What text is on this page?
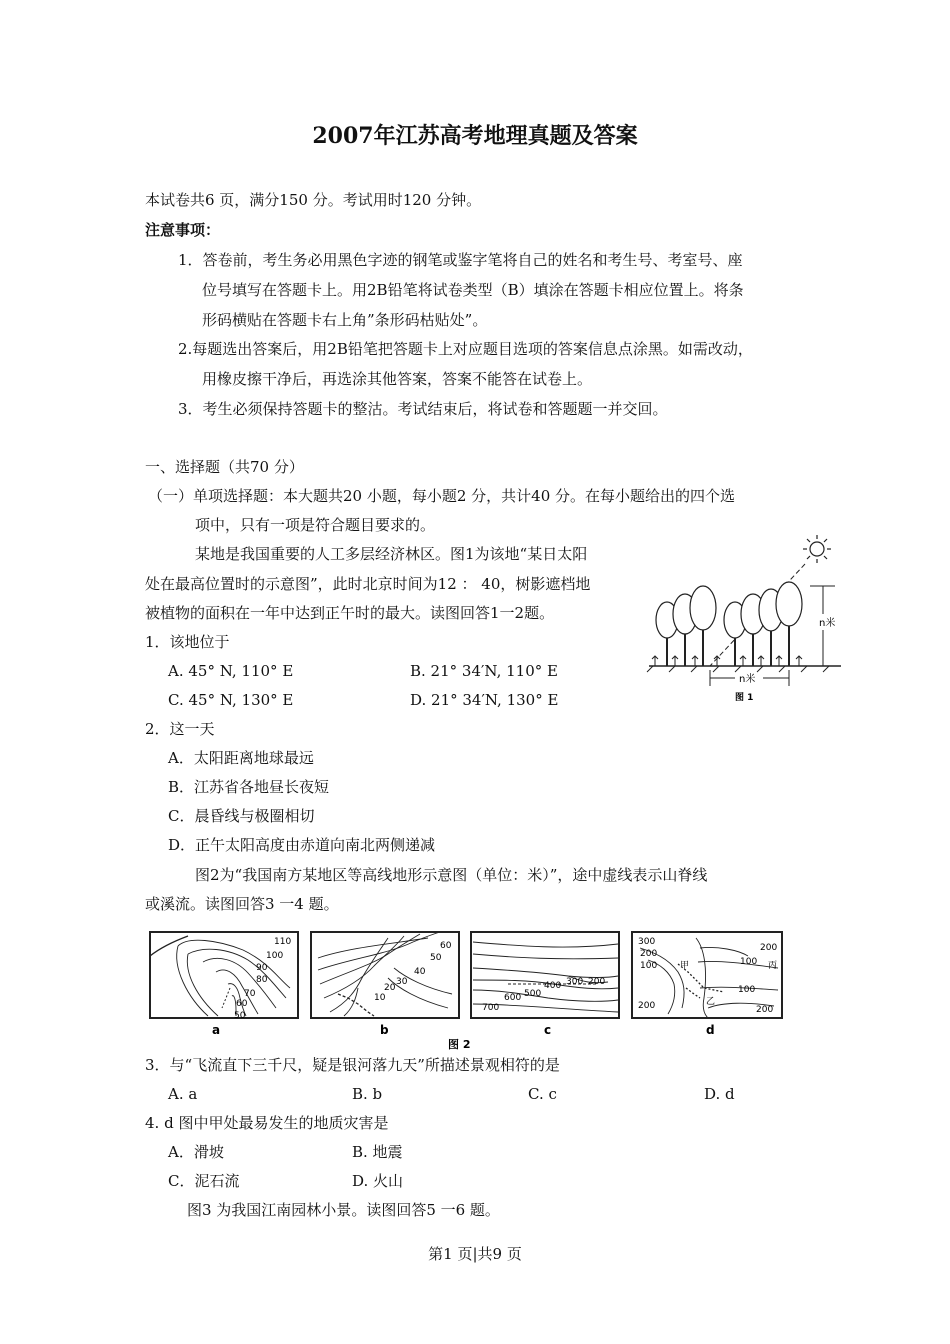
2007年江苏高考地理真题及答案
本试卷共6 页，满分150 分。考试用时120 分钟。
注意事项：
1．答卷前，考生务必用黑色字迹的钢笔或鉴字笔将自己的姓名和考生号、考室号、座
位号填写在答题卡上。用2B铅笔将试卷类型（B）填涂在答题卡相应位置上。将条
形码横贴在答题卡右上角”条形码枯贴处”。
2.每题选出答案后，用2B铅笔把答题卡上对应题目选项的答案信息点涂黑。如需改动，
用橡皮擦干净后，再选涂其他答案，答案不能答在试卷上。
3．考生必须保持答题卡的整沽。考试结束后，将试卷和答题题一并交回。
一、选择题（共70 分）
（一）单项选择题：本大题共20 小题，每小题2 分，共计40 分。在每小题给出的四个选
项中，只有一项是符合题目要求的。
某地是我国重要的人工多层经济林区。图1为该地“某日太阳
处在最高位置时的示意图”，此时北京时间为12 ： 40，树影遮档地
被植物的面积在一年中达到正午时的最大。读图回答1一2题。
1．该地位于
A. 45° N, 110° E	B. 21° 34′N, 110° E
C. 45° N, 130° E	D. 21° 34′N, 130° E
n米
n米
图 1
2．这一天
A．太阳距离地球最远
B．江苏省各地昼长夜短
C．晨昏线与极圈相切
D．正午太阳高度由赤道向南北两侧递减
图2为“我国南方某地区等高线地形示意图（单位：米）”，途中虚线表示山脊线
或溪流。读图回答3 一4 题。
110
100
90
80
70
60
50
a
60
50
40
30
20
10
b
400 300 200
500
600
700
c
300
200
100
200
100
100
200	200
甲	丙
乙
d
图 2
3．与“飞流直下三千尺，疑是银河落九天”所描述景观相符的是
A. a	B. b	C. c	D. d
4. d 图中甲处最易发生的地质灾害是
A．滑坡	B. 地震
C．泥石流	D. 火山
图3 为我国江南园林小景。读图回答5 一6 题。
第1 页|共9 页
